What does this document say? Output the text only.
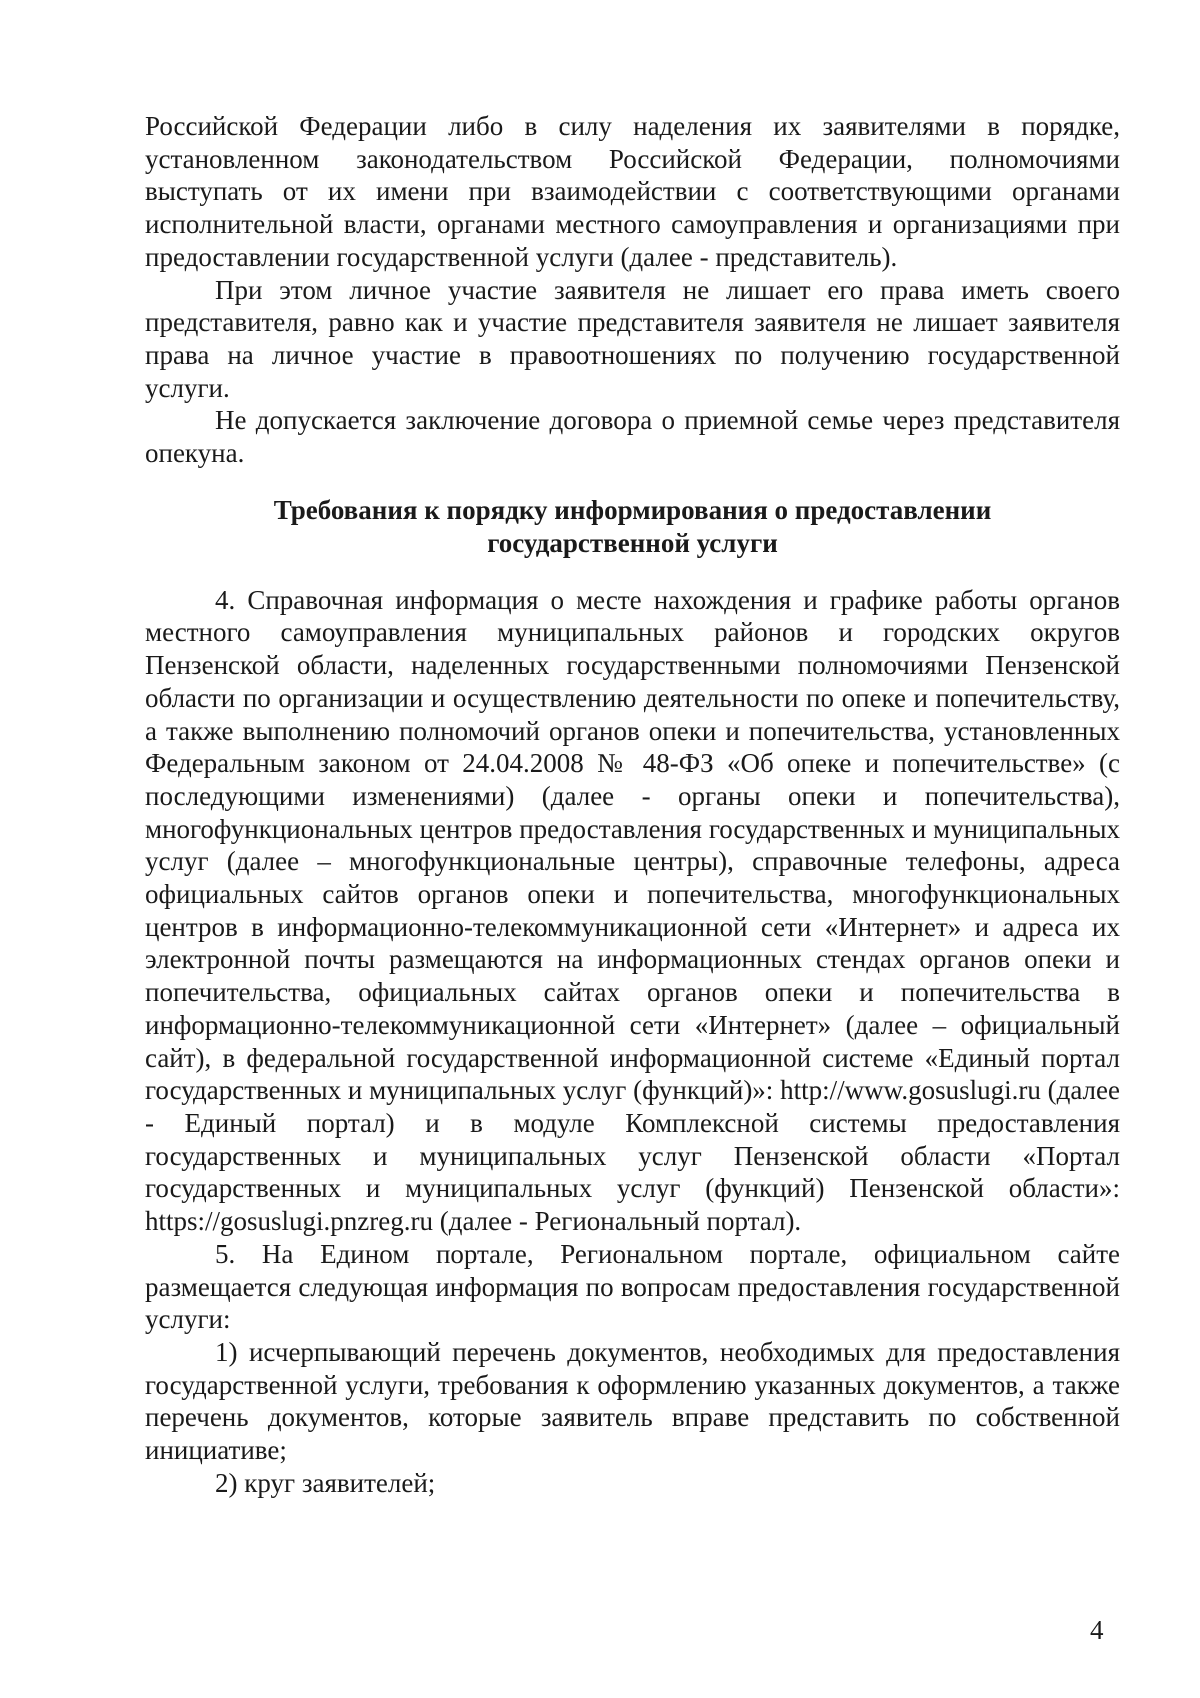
Российской Федерации либо в силу наделения их заявителями в порядке, установленном законодательством Российской Федерации, полномочиями выступать от их имени при взаимодействии с соответствующими органами исполнительной власти, органами местного самоуправления и организациями при предоставлении государственной услуги (далее - представитель).

При этом личное участие заявителя не лишает его права иметь своего представителя, равно как и участие представителя заявителя не лишает заявителя права на личное участие в правоотношениях по получению государственной услуги.

Не допускается заключение договора о приемной семье через представителя опекуна.

Требования к порядку информирования о предоставлении
государственной услуги

4. Справочная информация о месте нахождения и графике работы органов местного самоуправления муниципальных районов и городских округов Пензенской области, наделенных государственными полномочиями Пензенской области по организации и осуществлению деятельности по опеке и попечительству, а также выполнению полномочий органов опеки и попечительства, установленных Федеральным законом от 24.04.2008 № 48-ФЗ «Об опеке и попечительстве» (с последующими изменениями) (далее - органы опеки и попечительства), многофункциональных центров предоставления государственных и муниципальных услуг (далее – многофункциональные центры), справочные телефоны, адреса официальных сайтов органов опеки и попечительства, многофункциональных центров в информационно-телекоммуникационной сети «Интернет» и адреса их электронной почты размещаются на информационных стендах органов опеки и попечительства, официальных сайтах органов опеки и попечительства в информационно-телекоммуникационной сети «Интернет» (далее – официальный сайт), в федеральной государственной информационной системе «Единый портал государственных и муниципальных услуг (функций)»: http://www.gosuslugi.ru (далее - Единый портал) и в модуле Комплексной системы предоставления государственных и муниципальных услуг Пензенской области «Портал государственных и муниципальных услуг (функций) Пензенской области»: https://gosuslugi.pnzreg.ru (далее - Региональный портал).

5. На Едином портале, Региональном портале, официальном сайте размещается следующая информация по вопросам предоставления государственной услуги:

1) исчерпывающий перечень документов, необходимых для предоставления государственной услуги, требования к оформлению указанных документов, а также перечень документов, которые заявитель вправе представить по собственной инициативе;

2) круг заявителей;

4
